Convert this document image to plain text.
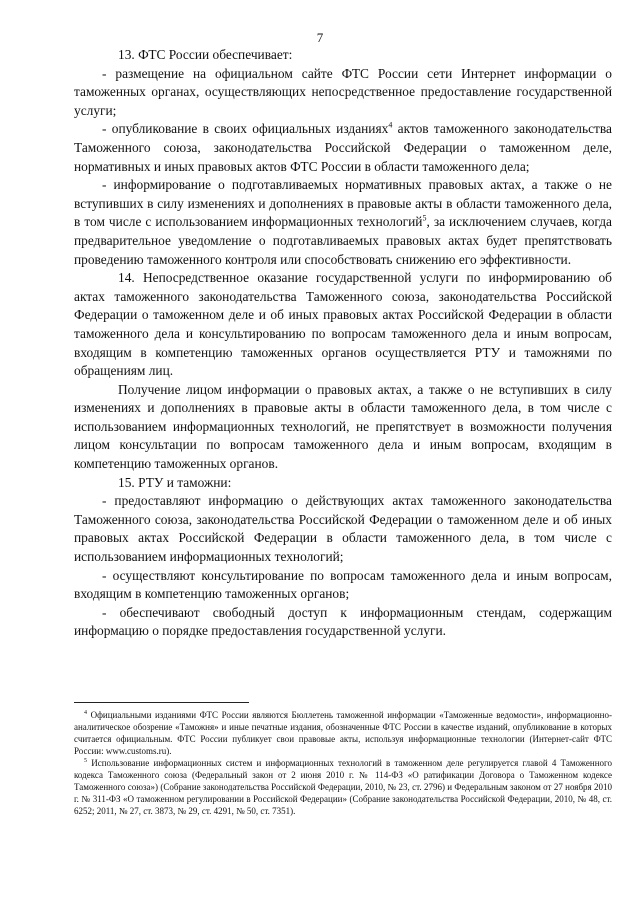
7

13. ФТС России обеспечивает:

- размещение на официальном сайте ФТС России сети Интернет информации о таможенных органах, осуществляющих непосредственное предоставление государственной услуги;

- опубликование в своих официальных изданиях$^4$ актов таможенного законодательства Таможенного союза, законодательства Российской Федерации о таможенном деле, нормативных и иных правовых актов ФТС России в области таможенного дела;

- информирование о подготавливаемых нормативных правовых актах, а также о не вступивших в силу изменениях и дополнениях в правовые акты в области таможенного дела, в том числе с использованием информационных технологий$^5$, за исключением случаев, когда предварительное уведомление о подготавливаемых правовых актах будет препятствовать проведению таможенного контроля или способствовать снижению его эффективности.

14. Непосредственное оказание государственной услуги по информированию об актах таможенного законодательства Таможенного союза, законодательства Российской Федерации о таможенном деле и об иных правовых актах Российской Федерации в области таможенного дела и консультированию по вопросам таможенного дела и иным вопросам, входящим в компетенцию таможенных органов осуществляется РТУ и таможнями по обращениям лиц.

Получение лицом информации о правовых актах, а также о не вступивших в силу изменениях и дополнениях в правовые акты в области таможенного дела, в том числе с использованием информационных технологий, не препятствует в возможности получения лицом консультации по вопросам таможенного дела и иным вопросам, входящим в компетенцию таможенных органов.

15. РТУ и таможни:

- предоставляют информацию о действующих актах таможенного законодательства Таможенного союза, законодательства Российской Федерации о таможенном деле и об иных правовых актах Российской Федерации в области таможенного дела, в том числе с использованием информационных технологий;

- осуществляют консультирование по вопросам таможенного дела и иным вопросам, входящим в компетенцию таможенных органов;

- обеспечивают свободный доступ к информационным стендам, содержащим информацию о порядке предоставления государственной услуги.

$^4$ Официальными изданиями ФТС России являются Бюллетень таможенной информации «Таможенные ведомости», информационно-аналитическое обозрение «Таможня» и иные печатные издания, обозначенные ФТС России в качестве изданий, опубликование в которых считается официальным. ФТС России публикует свои правовые акты, используя информационные технологии (Интернет-сайт ФТС России: www.customs.ru).

$^5$ Использование информационных систем и информационных технологий в таможенном деле регулируется главой 4 Таможенного кодекса Таможенного союза (Федеральный закон от 2 июня 2010 г. № 114-ФЗ «О ратификации Договора о Таможенном кодексе Таможенного союза») (Собрание законодательства Российской Федерации, 2010, № 23, ст. 2796) и Федеральным законом от 27 ноября 2010 г. № 311-ФЗ «О таможенном регулировании в Российской Федерации» (Собрание законодательства Российской Федерации, 2010, № 48, ст. 6252; 2011, № 27, ст. 3873, № 29, ст. 4291, № 50, ст. 7351).
